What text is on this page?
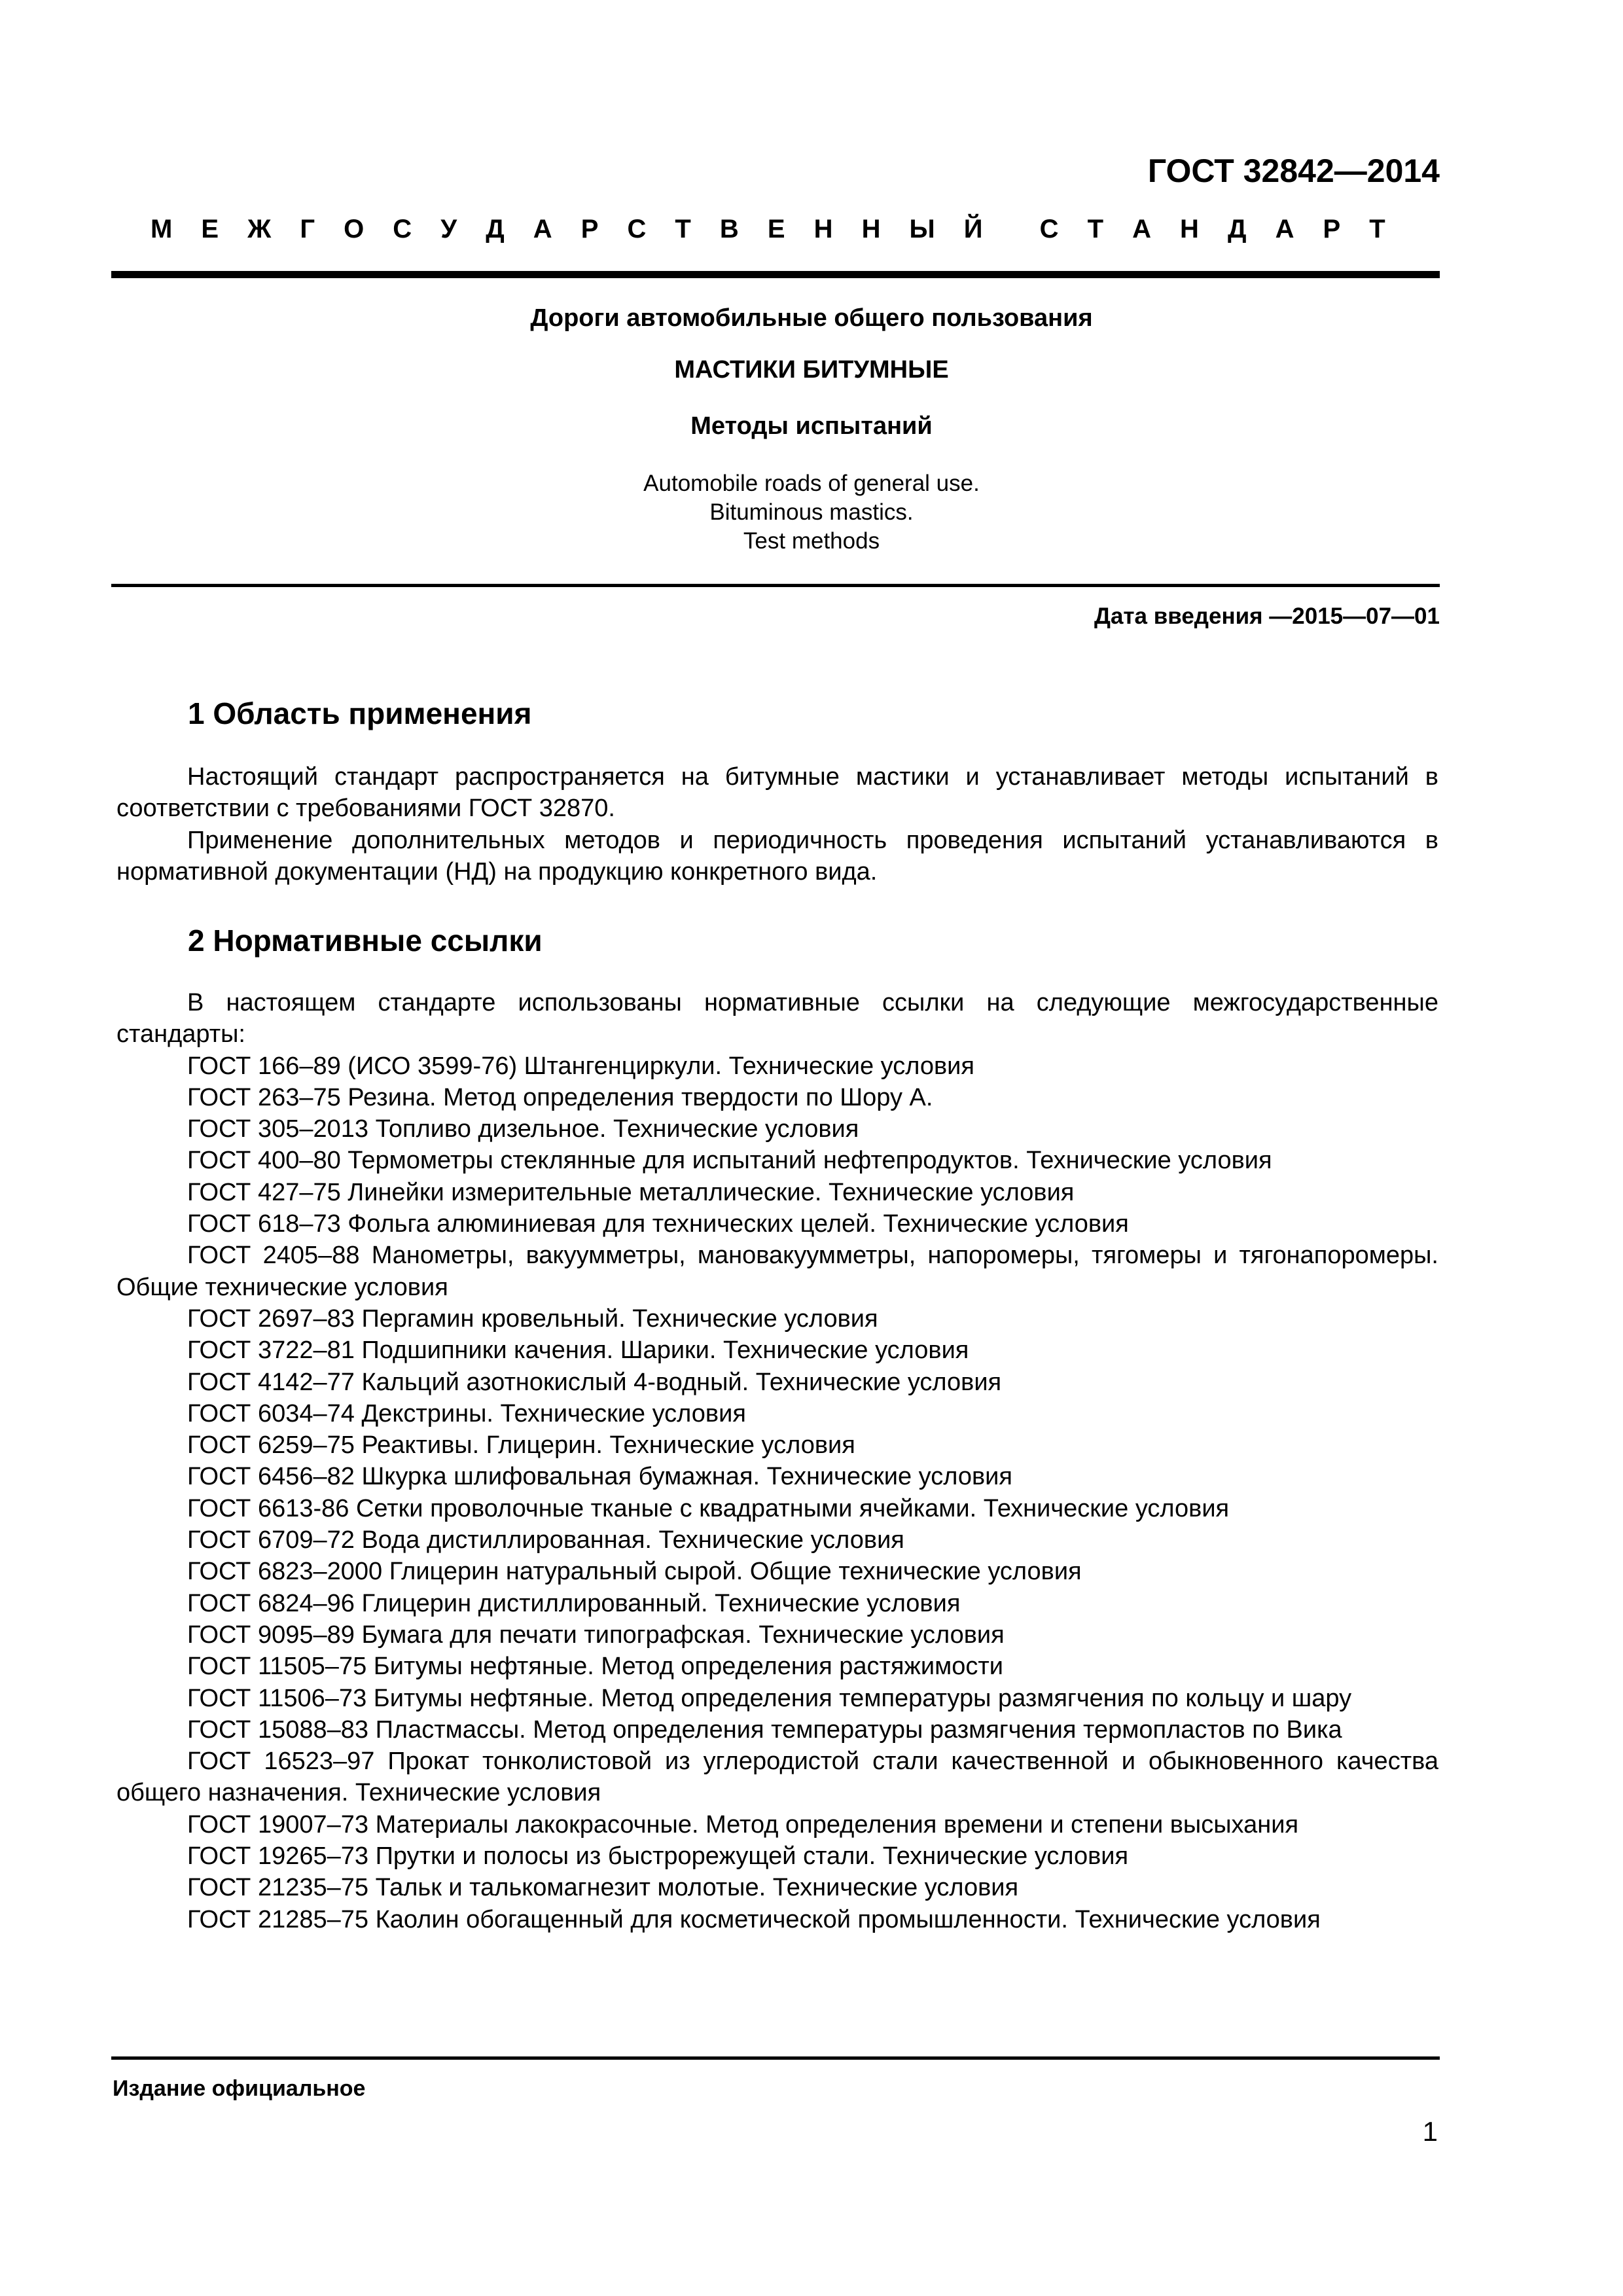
ГОСТ 32842—2014

М Е Ж Г О С У Д А Р С Т В Е Н Н Ы Й С Т А Н Д А Р Т

Дороги автомобильные общего пользования

МАСТИКИ БИТУМНЫЕ

Методы испытаний

Automobile roads of general use.
Bituminous mastics.
Test methods

Дата введения —2015—07—01

1 Область применения

Настоящий стандарт распространяется на битумные мастики и устанавливает методы испытаний в соответствии с требованиями ГОСТ 32870.

Применение дополнительных методов и периодичность проведения испытаний устанавливаются в нормативной документации (НД) на продукцию конкретного вида.

2 Нормативные ссылки

В настоящем стандарте использованы нормативные ссылки на следующие межгосударственные стандарты:

ГОСТ 166–89 (ИСО 3599-76) Штангенциркули. Технические условия

ГОСТ 263–75 Резина. Метод определения твердости по Шору А.

ГОСТ 305–2013 Топливо дизельное. Технические условия

ГОСТ 400–80 Термометры стеклянные для испытаний нефтепродуктов. Технические условия

ГОСТ 427–75 Линейки измерительные металлические. Технические условия

ГОСТ 618–73 Фольга алюминиевая для технических целей. Технические условия

ГОСТ 2405–88 Манометры, вакуумметры, мановакуумметры, напоромеры, тягомеры и тягонапоромеры. Общие технические условия

ГОСТ 2697–83 Пергамин кровельный. Технические условия

ГОСТ 3722–81 Подшипники качения. Шарики. Технические условия

ГОСТ 4142–77 Кальций азотнокислый 4-водный. Технические условия

ГОСТ 6034–74 Декстрины. Технические условия

ГОСТ 6259–75 Реактивы. Глицерин. Технические условия

ГОСТ 6456–82 Шкурка шлифовальная бумажная. Технические условия

ГОСТ 6613-86 Сетки проволочные тканые с квадратными ячейками. Технические условия

ГОСТ 6709–72 Вода дистиллированная. Технические условия

ГОСТ 6823–2000 Глицерин натуральный сырой. Общие технические условия

ГОСТ 6824–96 Глицерин дистиллированный. Технические условия

ГОСТ 9095–89 Бумага для печати типографская. Технические условия

ГОСТ 11505–75 Битумы нефтяные. Метод определения растяжимости

ГОСТ 11506–73 Битумы нефтяные. Метод определения температуры размягчения по кольцу и шару

ГОСТ 15088–83 Пластмассы. Метод определения температуры размягчения термопластов по Вика

ГОСТ 16523–97 Прокат тонколистовой из углеродистой стали качественной и обыкновенного качества общего назначения. Технические условия

ГОСТ 19007–73 Материалы лакокрасочные. Метод определения времени и степени высыхания

ГОСТ 19265–73 Прутки и полосы из быстрорежущей стали. Технические условия

ГОСТ 21235–75 Тальк и талькомагнезит молотые. Технические условия

ГОСТ 21285–75 Каолин обогащенный для косметической промышленности. Технические условия

Издание официальное

1
